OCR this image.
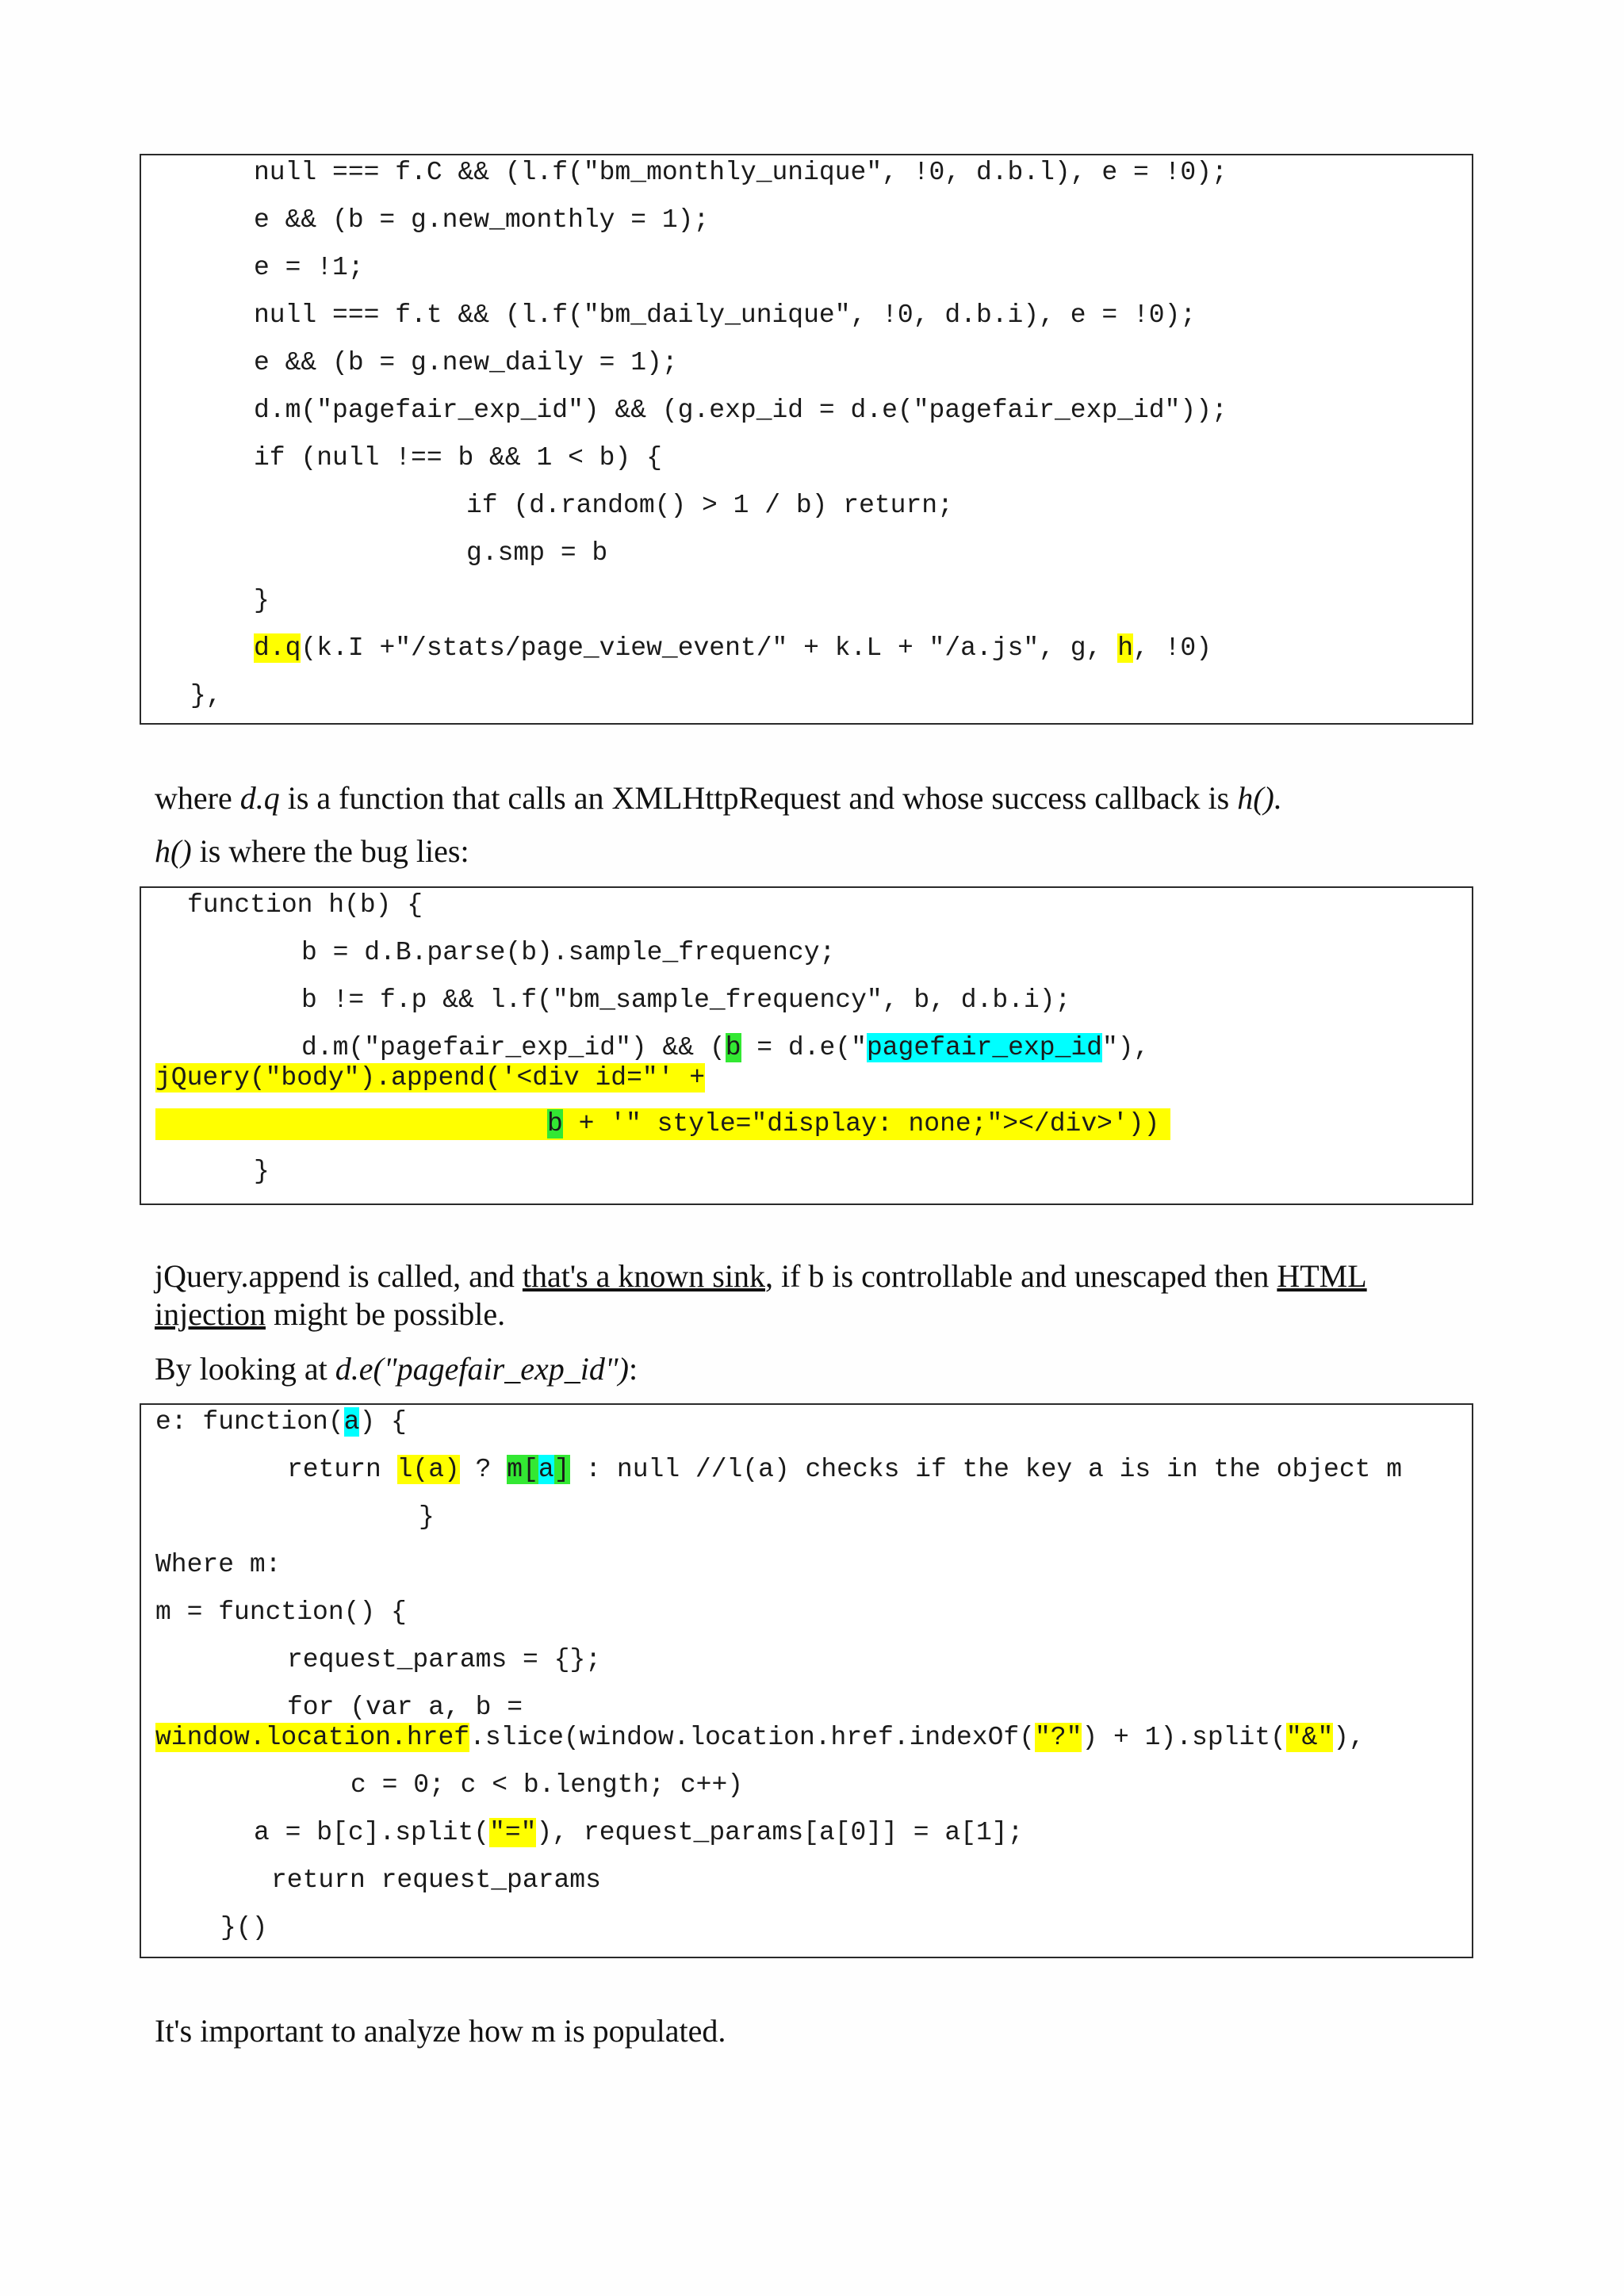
null === f.C && (l.f("bm_monthly_unique", !0, d.b.l), e = !0);
e && (b = g.new_monthly = 1);
e = !1;
null === f.t && (l.f("bm_daily_unique", !0, d.b.i), e = !0);
e && (b = g.new_daily = 1);
d.m("pagefair_exp_id") && (g.exp_id = d.e("pagefair_exp_id"));
if (null !== b && 1 < b) {
if (d.random() > 1 / b) return;
g.smp = b
}
d.q(k.I +"/stats/page_view_event/" + k.L + "/a.js", g, h, !0)
},
where d.q is a function that calls an XMLHttpRequest and whose success callback is h().
h() is where the bug lies:
function h(b) {
b = d.B.parse(b).sample_frequency;
b != f.p && l.f("bm_sample_frequency", b, d.b.i);
d.m("pagefair_exp_id") && (b = d.e("pagefair_exp_id"),
jQuery("body").append('<div id="' +
b + '" style="display: none;"></div>'))
}
jQuery.append is called, and that's a known sink, if b is controllable and unescaped then HTML
injection might be possible.
By looking at d.e("pagefair_exp_id"):
e: function(a) {
return l(a) ? m[a] : null //l(a) checks if the key a is in the object m
}
Where m:
m = function() {
request_params = {};
for (var a, b =
window.location.href.slice(window.location.href.indexOf("?") + 1).split("&"),
c = 0; c < b.length; c++)
a = b[c].split("="), request_params[a[0]] = a[1];
return request_params
}()
It's important to analyze how m is populated.
